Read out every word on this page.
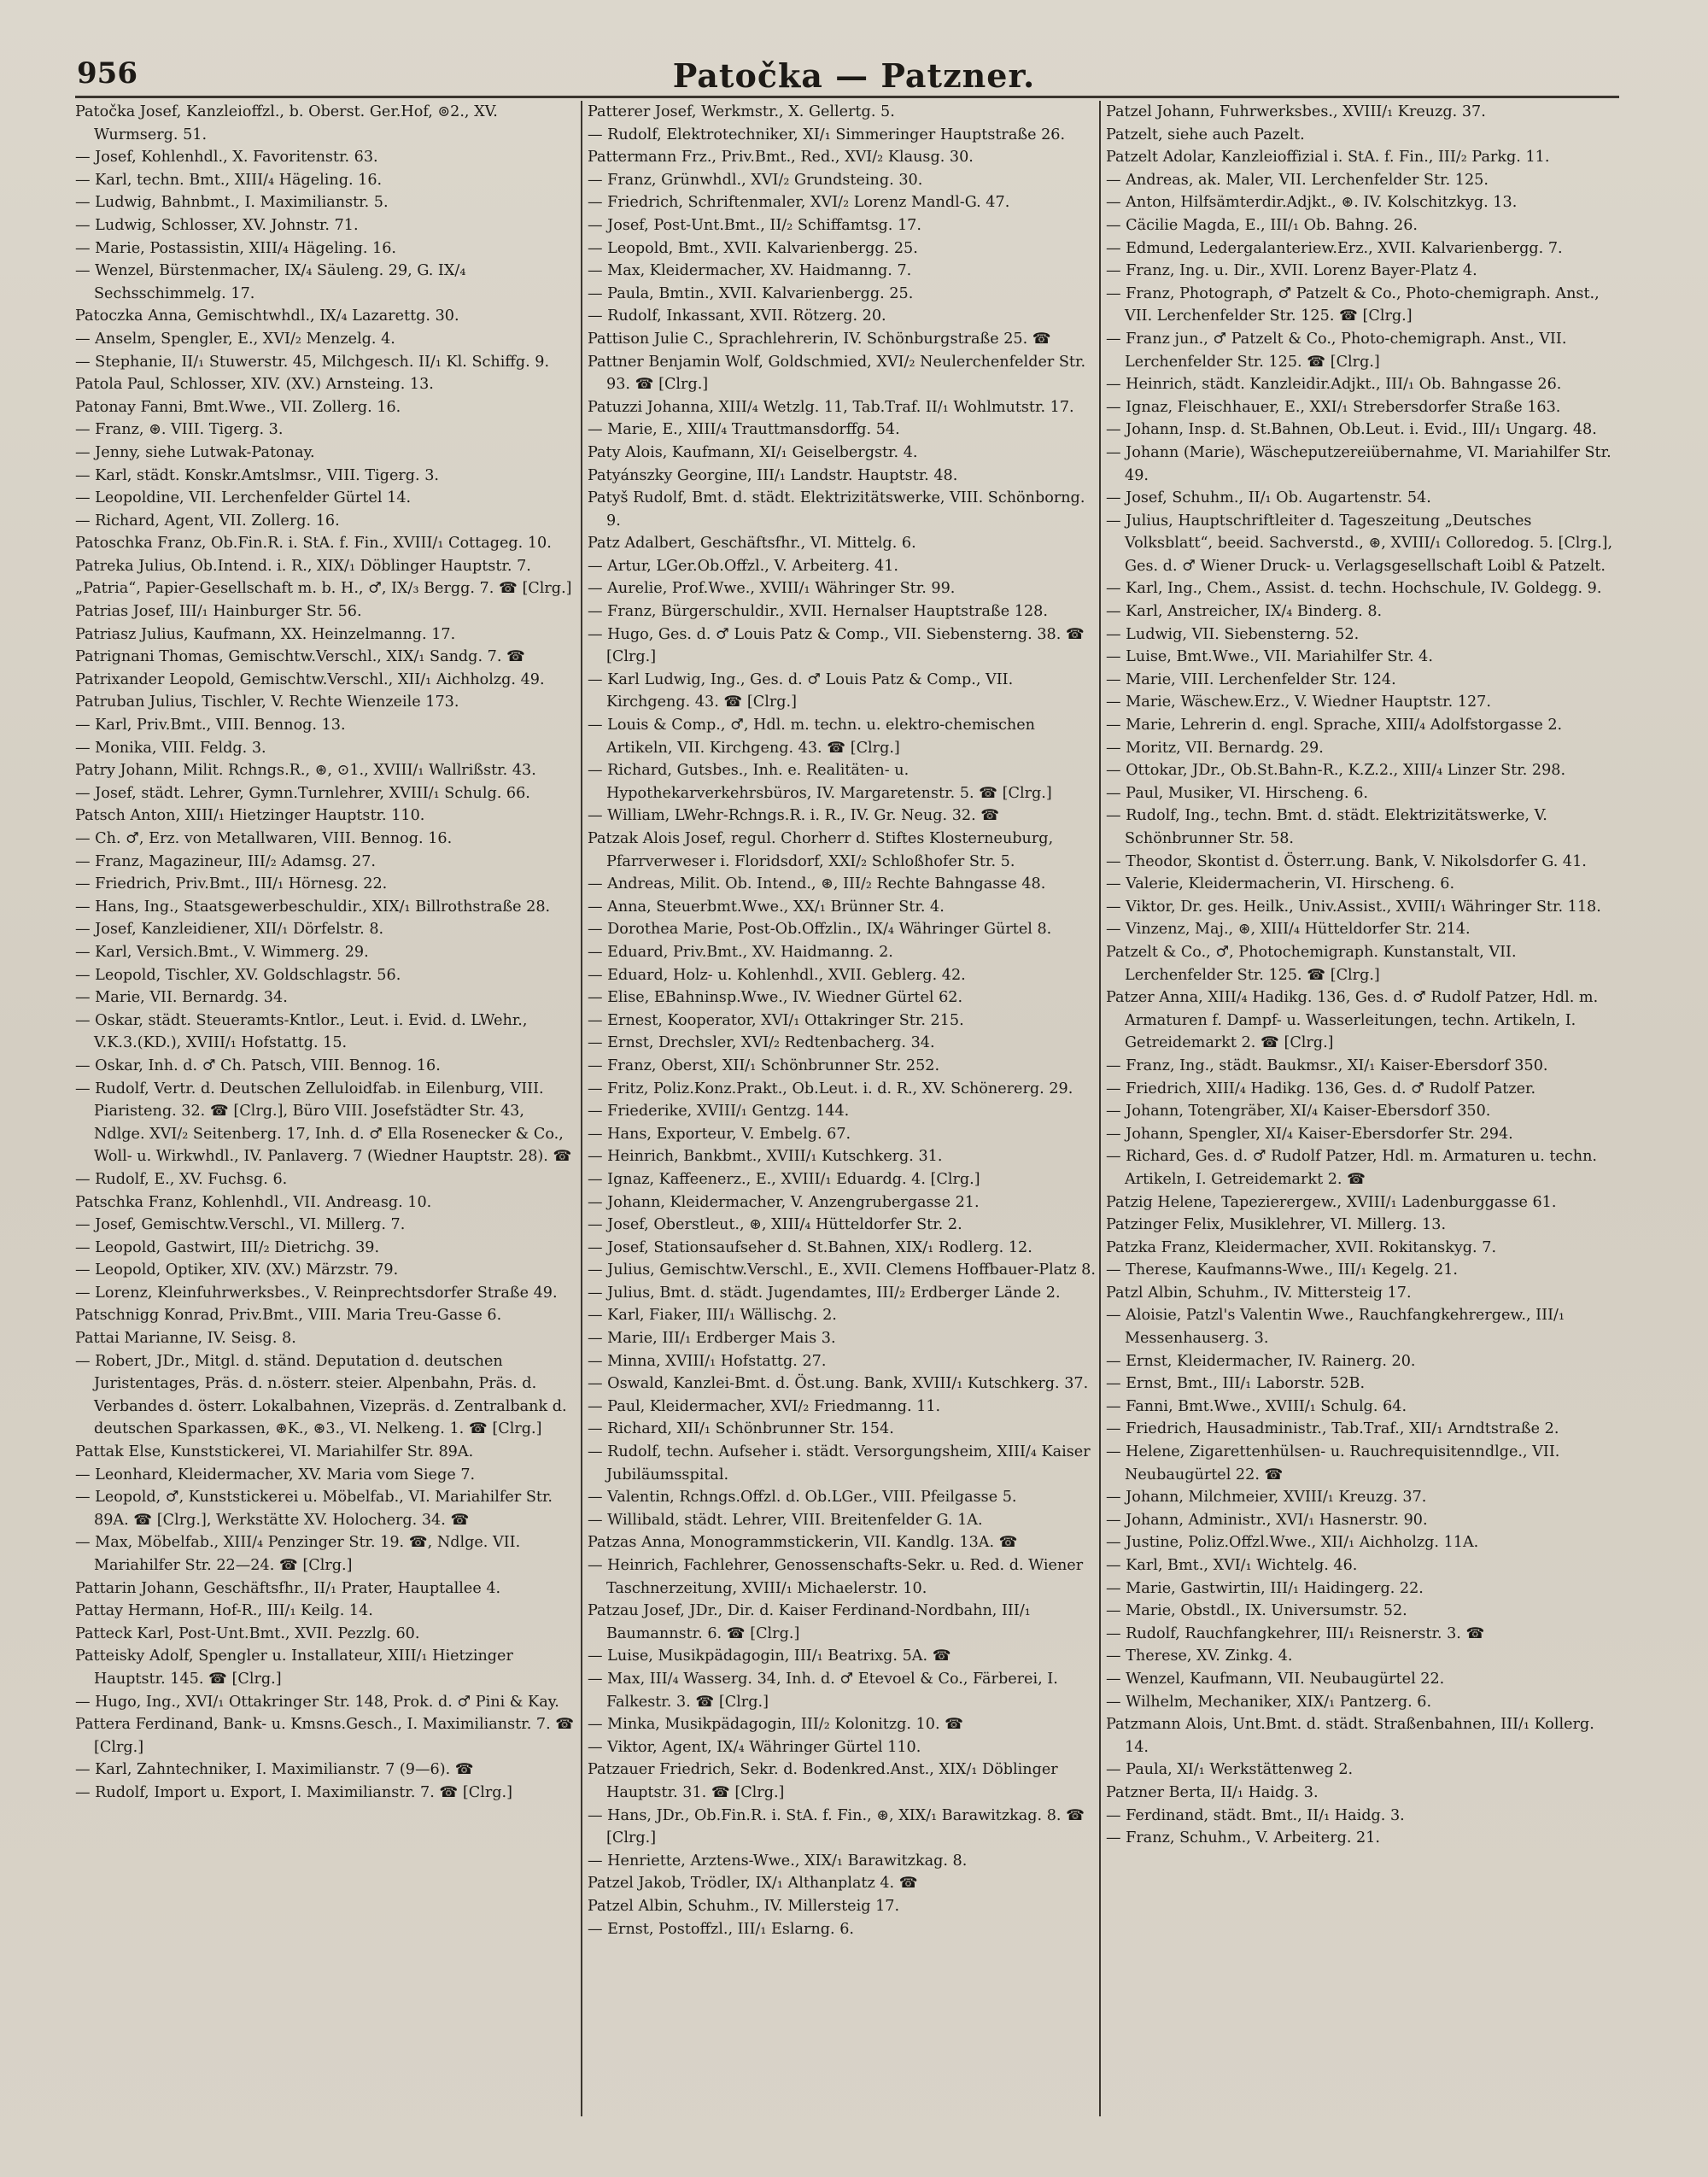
956	Patočka — Patzner.

Patočka Josef, Kanzleioffzl., b. Oberst. Ger.Hof, ⊚2., XV. Wurmserg. 51.

— Josef, Kohlenhdl., X. Favoritenstr. 63.

— Karl, techn. Bmt., XIII/₄ Hägeling. 16.

— Ludwig, Bahnbmt., I. Maximilianstr. 5.

— Ludwig, Schlosser, XV. Johnstr. 71.

— Marie, Postassistin, XIII/₄ Hägeling. 16.

— Wenzel, Bürstenmacher, IX/₄ Säuleng. 29, G. IX/₄ Sechsschimmelg. 17.

Patoczka Anna, Gemischtwhdl., IX/₄ Lazarettg. 30.

— Anselm, Spengler, E., XVI/₂ Menzelg. 4.

— Stephanie, II/₁ Stuwerstr. 45, Milchgesch. II/₁ Kl. Schiffg. 9.

Patola Paul, Schlosser, XIV. (XV.) Arnsteing. 13.

Patonay Fanni, Bmt.Wwe., VII. Zollerg. 16.

— Franz, ⊛. VIII. Tigerg. 3.

— Jenny, siehe Lutwak-Patonay.

— Karl, städt. Konskr.Amtslmsr., VIII. Tigerg. 3.

— Leopoldine, VII. Lerchenfelder Gürtel 14.

— Richard, Agent, VII. Zollerg. 16.

Patoschka Franz, Ob.Fin.R. i. StA. f. Fin., XVIII/₁ Cottageg. 10.

Patreka Julius, Ob.Intend. i. R., XIX/₁ Döblinger Hauptstr. 7.

„Patria“, Papier-Gesellschaft m. b. H., ♂, IX/₃ Bergg. 7. ☎ [Clrg.]

Patrias Josef, III/₁ Hainburger Str. 56.

Patriasz Julius, Kaufmann, XX. Heinzelmanng. 17.

Patrignani Thomas, Gemischtw.Verschl., XIX/₁ Sandg. 7. ☎

Patrixander Leopold, Gemischtw.Verschl., XII/₁ Aichholzg. 49.

Patruban Julius, Tischler, V. Rechte Wienzeile 173.

— Karl, Priv.Bmt., VIII. Bennog. 13.

— Monika, VIII. Feldg. 3.

Patry Johann, Milit. Rchngs.R., ⊛, ⊙1., XVIII/₁ Wallrißstr. 43.

— Josef, städt. Lehrer, Gymn.Turnlehrer, XVIII/₁ Schulg. 66.

Patsch Anton, XIII/₁ Hietzinger Hauptstr. 110.

— Ch. ♂, Erz. von Metallwaren, VIII. Bennog. 16.

— Franz, Magazineur, III/₂ Adamsg. 27.

— Friedrich, Priv.Bmt., III/₁ Hörnesg. 22.

— Hans, Ing., Staatsgewerbeschuldir., XIX/₁ Billrothstraße 28.

— Josef, Kanzleidiener, XII/₁ Dörfelstr. 8.

— Karl, Versich.Bmt., V. Wimmerg. 29.

— Leopold, Tischler, XV. Goldschlagstr. 56.

— Marie, VII. Bernardg. 34.

— Oskar, städt. Steueramts-Kntlor., Leut. i. Evid. d. LWehr., V.K.3.(KD.), XVIII/₁ Hofstattg. 15.

— Oskar, Inh. d. ♂ Ch. Patsch, VIII. Bennog. 16.

— Rudolf, Vertr. d. Deutschen Zelluloidfab. in Eilenburg, VIII. Piaristeng. 32. ☎ [Clrg.], Büro VIII. Josefstädter Str. 43, Ndlge. XVI/₂ Seitenberg. 17, Inh. d. ♂ Ella Rosenecker & Co., Woll- u. Wirkwhdl., IV. Panlaverg. 7 (Wiedner Hauptstr. 28). ☎

— Rudolf, E., XV. Fuchsg. 6.

Patschka Franz, Kohlenhdl., VII. Andreasg. 10.

— Josef, Gemischtw.Verschl., VI. Millerg. 7.

— Leopold, Gastwirt, III/₂ Dietrichg. 39.

— Leopold, Optiker, XIV. (XV.) Märzstr. 79.

— Lorenz, Kleinfuhrwerksbes., V. Reinprechtsdorfer Straße 49.

Patschnigg Konrad, Priv.Bmt., VIII. Maria Treu-Gasse 6.

Pattai Marianne, IV. Seisg. 8.

— Robert, JDr., Mitgl. d. ständ. Deputation d. deutschen Juristentages, Präs. d. n.österr. steier. Alpenbahn, Präs. d. Verbandes d. österr. Lokalbahnen, Vizepräs. d. Zentralbank d. deutschen Sparkassen, ⊛K., ⊛3., VI. Nelkeng. 1. ☎ [Clrg.]

Pattak Else, Kunststickerei, VI. Mariahilfer Str. 89A.

— Leonhard, Kleidermacher, XV. Maria vom Siege 7.

— Leopold, ♂, Kunststickerei u. Möbelfab., VI. Mariahilfer Str. 89A. ☎ [Clrg.], Werkstätte XV. Holocherg. 34. ☎

— Max, Möbelfab., XIII/₄ Penzinger Str. 19. ☎, Ndlge. VII. Mariahilfer Str. 22—24. ☎ [Clrg.]

Pattarin Johann, Geschäftsfhr., II/₁ Prater, Hauptallee 4.

Pattay Hermann, Hof-R., III/₁ Keilg. 14.

Patteck Karl, Post-Unt.Bmt., XVII. Pezzlg. 60.

Patteisky Adolf, Spengler u. Installateur, XIII/₁ Hietzinger Hauptstr. 145. ☎ [Clrg.]

— Hugo, Ing., XVI/₁ Ottakringer Str. 148, Prok. d. ♂ Pini & Kay.

Pattera Ferdinand, Bank- u. Kmsns.Gesch., I. Maximilianstr. 7. ☎ [Clrg.]

— Karl, Zahntechniker, I. Maximilianstr. 7 (9—6). ☎

— Rudolf, Import u. Export, I. Maximilianstr. 7. ☎ [Clrg.]

Patterer Josef, Werkmstr., X. Gellertg. 5.

— Rudolf, Elektrotechniker, XI/₁ Simmeringer Hauptstraße 26.

Pattermann Frz., Priv.Bmt., Red., XVI/₂ Klausg. 30.

— Franz, Grünwhdl., XVI/₂ Grundsteing. 30.

— Friedrich, Schriftenmaler, XVI/₂ Lorenz Mandl-G. 47.

— Josef, Post-Unt.Bmt., II/₂ Schiffamtsg. 17.

— Leopold, Bmt., XVII. Kalvarienbergg. 25.

— Max, Kleidermacher, XV. Haidmanng. 7.

— Paula, Bmtin., XVII. Kalvarienbergg. 25.

— Rudolf, Inkassant, XVII. Rötzerg. 20.

Pattison Julie C., Sprachlehrerin, IV. Schönburgstraße 25. ☎

Pattner Benjamin Wolf, Goldschmied, XVI/₂ Neulerchenfelder Str. 93. ☎ [Clrg.]

Patuzzi Johanna, XIII/₄ Wetzlg. 11, Tab.Traf. II/₁ Wohlmutstr. 17.

— Marie, E., XIII/₄ Trauttmansdorffg. 54.

Paty Alois, Kaufmann, XI/₁ Geiselbergstr. 4.

Patyánszky Georgine, III/₁ Landstr. Hauptstr. 48.

Patyš Rudolf, Bmt. d. städt. Elektrizitätswerke, VIII. Schönborng. 9.

Patz Adalbert, Geschäftsfhr., VI. Mittelg. 6.

— Artur, LGer.Ob.Offzl., V. Arbeiterg. 41.

— Aurelie, Prof.Wwe., XVIII/₁ Währinger Str. 99.

— Franz, Bürgerschuldir., XVII. Hernalser Hauptstraße 128.

— Hugo, Ges. d. ♂ Louis Patz & Comp., VII. Siebensterng. 38. ☎ [Clrg.]

— Karl Ludwig, Ing., Ges. d. ♂ Louis Patz & Comp., VII. Kirchgeng. 43. ☎ [Clrg.]

— Louis & Comp., ♂, Hdl. m. techn. u. elektro-chemischen Artikeln, VII. Kirchgeng. 43. ☎ [Clrg.]

— Richard, Gutsbes., Inh. e. Realitäten- u. Hypothekarverkehrsbüros, IV. Margaretenstr. 5. ☎ [Clrg.]

— William, LWehr-Rchngs.R. i. R., IV. Gr. Neug. 32. ☎

Patzak Alois Josef, regul. Chorherr d. Stiftes Klosterneuburg, Pfarrverweser i. Floridsdorf, XXI/₂ Schloßhofer Str. 5.

— Andreas, Milit. Ob. Intend., ⊛, III/₂ Rechte Bahngasse 48.

— Anna, Steuerbmt.Wwe., XX/₁ Brünner Str. 4.

— Dorothea Marie, Post-Ob.Offzlin., IX/₄ Währinger Gürtel 8.

— Eduard, Priv.Bmt., XV. Haidmanng. 2.

— Eduard, Holz- u. Kohlenhdl., XVII. Geblerg. 42.

— Elise, EBahninsp.Wwe., IV. Wiedner Gürtel 62.

— Ernest, Kooperator, XVI/₁ Ottakringer Str. 215.

— Ernst, Drechsler, XVI/₂ Redtenbacherg. 34.

— Franz, Oberst, XII/₁ Schönbrunner Str. 252.

— Fritz, Poliz.Konz.Prakt., Ob.Leut. i. d. R., XV. Schönererg. 29.

— Friederike, XVIII/₁ Gentzg. 144.

— Hans, Exporteur, V. Embelg. 67.

— Heinrich, Bankbmt., XVIII/₁ Kutschkerg. 31.

— Ignaz, Kaffeenerz., E., XVIII/₁ Eduardg. 4. [Clrg.]

— Johann, Kleidermacher, V. Anzengrubergasse 21.

— Josef, Oberstleut., ⊛, XIII/₄ Hütteldorfer Str. 2.

— Josef, Stationsaufseher d. St.Bahnen, XIX/₁ Rodlerg. 12.

— Julius, Gemischtw.Verschl., E., XVII. Clemens Hoffbauer-Platz 8.

— Julius, Bmt. d. städt. Jugendamtes, III/₂ Erdberger Lände 2.

— Karl, Fiaker, III/₁ Wällischg. 2.

— Marie, III/₁ Erdberger Mais 3.

— Minna, XVIII/₁ Hofstattg. 27.

— Oswald, Kanzlei-Bmt. d. Öst.ung. Bank, XVIII/₁ Kutschkerg. 37.

— Paul, Kleidermacher, XVI/₂ Friedmanng. 11.

— Richard, XII/₁ Schönbrunner Str. 154.

— Rudolf, techn. Aufseher i. städt. Versorgungsheim, XIII/₄ Kaiser Jubiläumsspital.

— Valentin, Rchngs.Offzl. d. Ob.LGer., VIII. Pfeilgasse 5.

— Willibald, städt. Lehrer, VIII. Breitenfelder G. 1A.

Patzas Anna, Monogrammstickerin, VII. Kandlg. 13A. ☎

— Heinrich, Fachlehrer, Genossenschafts-Sekr. u. Red. d. Wiener Taschnerzeitung, XVIII/₁ Michaelerstr. 10.

Patzau Josef, JDr., Dir. d. Kaiser Ferdinand-Nordbahn, III/₁ Baumannstr. 6. ☎ [Clrg.]

— Luise, Musikpädagogin, III/₁ Beatrixg. 5A. ☎

— Max, III/₄ Wasserg. 34, Inh. d. ♂ Etevoel & Co., Färberei, I. Falkestr. 3. ☎ [Clrg.]

— Minka, Musikpädagogin, III/₂ Kolonitzg. 10. ☎

— Viktor, Agent, IX/₄ Währinger Gürtel 110.

Patzauer Friedrich, Sekr. d. Bodenkred.Anst., XIX/₁ Döblinger Hauptstr. 31. ☎ [Clrg.]

— Hans, JDr., Ob.Fin.R. i. StA. f. Fin., ⊛, XIX/₁ Barawitzkag. 8. ☎ [Clrg.]

— Henriette, Arztens-Wwe., XIX/₁ Barawitzkag. 8.

Patzel Jakob, Trödler, IX/₁ Althanplatz 4. ☎

Patzel Albin, Schuhm., IV. Millersteig 17.

— Ernst, Postoffzl., III/₁ Eslarng. 6.

Patzel Johann, Fuhrwerksbes., XVIII/₁ Kreuzg. 37.

Patzelt, siehe auch Pazelt.

Patzelt Adolar, Kanzleioffizial i. StA. f. Fin., III/₂ Parkg. 11.

— Andreas, ak. Maler, VII. Lerchenfelder Str. 125.

— Anton, Hilfsämterdir.Adjkt., ⊛. IV. Kolschitzkyg. 13.

— Cäcilie Magda, E., III/₁ Ob. Bahng. 26.

— Edmund, Ledergalanteriew.Erz., XVII. Kalvarienbergg. 7.

— Franz, Ing. u. Dir., XVII. Lorenz Bayer-Platz 4.

— Franz, Photograph, ♂ Patzelt & Co., Photo-chemigraph. Anst., VII. Lerchenfelder Str. 125. ☎ [Clrg.]

— Franz jun., ♂ Patzelt & Co., Photo-chemigraph. Anst., VII. Lerchenfelder Str. 125. ☎ [Clrg.]

— Heinrich, städt. Kanzleidir.Adjkt., III/₁ Ob. Bahngasse 26.

— Ignaz, Fleischhauer, E., XXI/₁ Strebersdorfer Straße 163.

— Johann, Insp. d. St.Bahnen, Ob.Leut. i. Evid., III/₁ Ungarg. 48.

— Johann (Marie), Wäscheputzereiübernahme, VI. Mariahilfer Str. 49.

— Josef, Schuhm., II/₁ Ob. Augartenstr. 54.

— Julius, Hauptschriftleiter d. Tageszeitung „Deutsches Volksblatt“, beeid. Sachverstd., ⊛, XVIII/₁ Colloredog. 5. [Clrg.], Ges. d. ♂ Wiener Druck- u. Verlagsgesellschaft Loibl & Patzelt.

— Karl, Ing., Chem., Assist. d. techn. Hochschule, IV. Goldegg. 9.

— Karl, Anstreicher, IX/₄ Binderg. 8.

— Ludwig, VII. Siebensterng. 52.

— Luise, Bmt.Wwe., VII. Mariahilfer Str. 4.

— Marie, VIII. Lerchenfelder Str. 124.

— Marie, Wäschew.Erz., V. Wiedner Hauptstr. 127.

— Marie, Lehrerin d. engl. Sprache, XIII/₄ Adolfstorgasse 2.

— Moritz, VII. Bernardg. 29.

— Ottokar, JDr., Ob.St.Bahn-R., K.Z.2., XIII/₄ Linzer Str. 298.

— Paul, Musiker, VI. Hirscheng. 6.

— Rudolf, Ing., techn. Bmt. d. städt. Elektrizitätswerke, V. Schönbrunner Str. 58.

— Theodor, Skontist d. Österr.ung. Bank, V. Nikolsdorfer G. 41.

— Valerie, Kleidermacherin, VI. Hirscheng. 6.

— Viktor, Dr. ges. Heilk., Univ.Assist., XVIII/₁ Währinger Str. 118.

— Vinzenz, Maj., ⊛, XIII/₄ Hütteldorfer Str. 214.

Patzelt & Co., ♂, Photochemigraph. Kunstanstalt, VII. Lerchenfelder Str. 125. ☎ [Clrg.]

Patzer Anna, XIII/₄ Hadikg. 136, Ges. d. ♂ Rudolf Patzer, Hdl. m. Armaturen f. Dampf- u. Wasserleitungen, techn. Artikeln, I. Getreidemarkt 2. ☎ [Clrg.]

— Franz, Ing., städt. Baukmsr., XI/₁ Kaiser-Ebersdorf 350.

— Friedrich, XIII/₄ Hadikg. 136, Ges. d. ♂ Rudolf Patzer.

— Johann, Totengräber, XI/₄ Kaiser-Ebersdorf 350.

— Johann, Spengler, XI/₄ Kaiser-Ebersdorfer Str. 294.

— Richard, Ges. d. ♂ Rudolf Patzer, Hdl. m. Armaturen u. techn. Artikeln, I. Getreidemarkt 2. ☎

Patzig Helene, Tapezierergew., XVIII/₁ Ladenburggasse 61.

Patzinger Felix, Musiklehrer, VI. Millerg. 13.

Patzka Franz, Kleidermacher, XVII. Rokitanskyg. 7.

— Therese, Kaufmanns-Wwe., III/₁ Kegelg. 21.

Patzl Albin, Schuhm., IV. Mittersteig 17.

— Aloisie, Patzl's Valentin Wwe., Rauchfangkehrergew., III/₁ Messenhauserg. 3.

— Ernst, Kleidermacher, IV. Rainerg. 20.

— Ernst, Bmt., III/₁ Laborstr. 52B.

— Fanni, Bmt.Wwe., XVIII/₁ Schulg. 64.

— Friedrich, Hausadministr., Tab.Traf., XII/₁ Arndtstraße 2.

— Helene, Zigarettenhülsen- u. Rauchrequisitenndlge., VII. Neubaugürtel 22. ☎

— Johann, Milchmeier, XVIII/₁ Kreuzg. 37.

— Johann, Administr., XVI/₁ Hasnerstr. 90.

— Justine, Poliz.Offzl.Wwe., XII/₁ Aichholzg. 11A.

— Karl, Bmt., XVI/₁ Wichtelg. 46.

— Marie, Gastwirtin, III/₁ Haidingerg. 22.

— Marie, Obstdl., IX. Universumstr. 52.

— Rudolf, Rauchfangkehrer, III/₁ Reisnerstr. 3. ☎

— Therese, XV. Zinkg. 4.

— Wenzel, Kaufmann, VII. Neubaugürtel 22.

— Wilhelm, Mechaniker, XIX/₁ Pantzerg. 6.

Patzmann Alois, Unt.Bmt. d. städt. Straßenbahnen, III/₁ Kollerg. 14.

— Paula, XI/₁ Werkstättenweg 2.

Patzner Berta, II/₁ Haidg. 3.

— Ferdinand, städt. Bmt., II/₁ Haidg. 3.

— Franz, Schuhm., V. Arbeiterg. 21.
